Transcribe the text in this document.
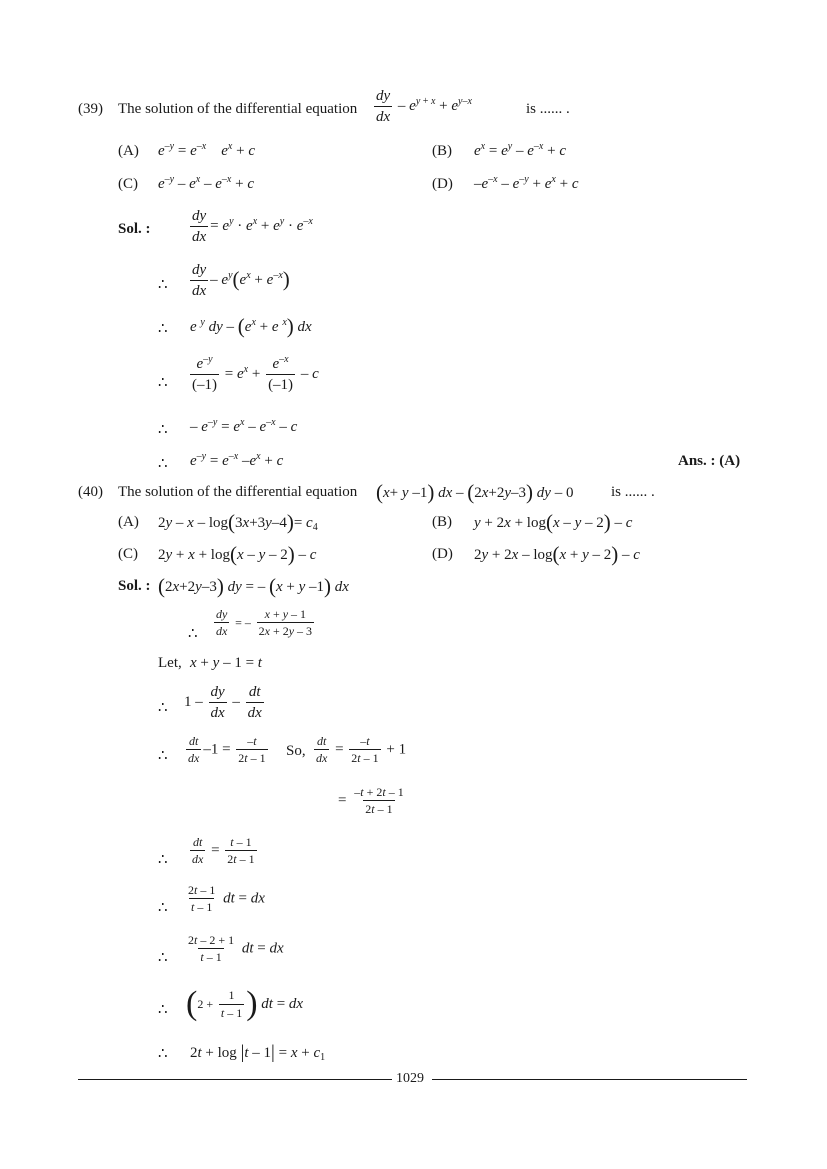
(39) The solution of the differential equation $\frac{dy}{dx} - e^y$ + $^x + e^{y-x}$	is ...... .
(A) $e^{-y} = e^{-x}$    $e^x + c$	(B) $e^x = e^y - e^{-x} + c$
(C) $e^{-y} - e^x - e^{-x} + c$	(D) $-e^{-x} - e^{-y} + e^x + c$
Sol. :	$\frac{dy}{dx} = e^y \cdot e^x + e^y \cdot e^{-x}$
∴ $\frac{dy}{dx} - e^y(e^x + e^{-x})$
∴ e $^y$ dy – ($e^x + e$ $^x$) dx
∴ $\frac{e^{-y}}{(-1)} = e^x + \frac{e^{-x}}{(-1)} - c$
∴ – $e^{-y} = e^x - e^{-x} - c$
∴ $e^{-y} = e^{-x}$ $-e^x + c$	Ans. : (A)
(40) The solution of the differential equation (x+ y –1) dx – (2x+2y–3) dy – 0	is ...... .
(A) $2y - x - \log(3x+3y-4)= c_4$	(B) y + 2x + log(x – y – 2) – c
(C) 2y + x + log(x – y – 2) – c	(D) 2y + 2x – log(x + y – 2) – c
Sol. : (2x+2y–3) dy = – (x + y –1) dx
∴ $\frac{dy}{dx}$ = – $\frac{x + y - 1}{2x + 2y - 3}$
Let, x + y – 1 = t
∴ $1 - \frac{dy}{dx} - \frac{dt}{dx}$
∴ $\frac{dt}{dx} -1 = \frac{-t}{2t - 1} So$, $\frac{dt}{dx} = \frac{-t}{2t - 1} + 1$
= $\frac{-t + 2t - 1}{2t - 1}$
∴ $\frac{dt}{dx} = \frac{t - 1}{2t - 1}$
∴ $\frac{2t - 1}{t - 1}$ dt = dx
∴ $\frac{2t - 2 + 1}{t - 1}$ dt = dx
∴ ($2 + \frac{1}{t - 1}$ ) dt = dx
∴ $2t + \log |t - 1| = x + c_1$
1029
